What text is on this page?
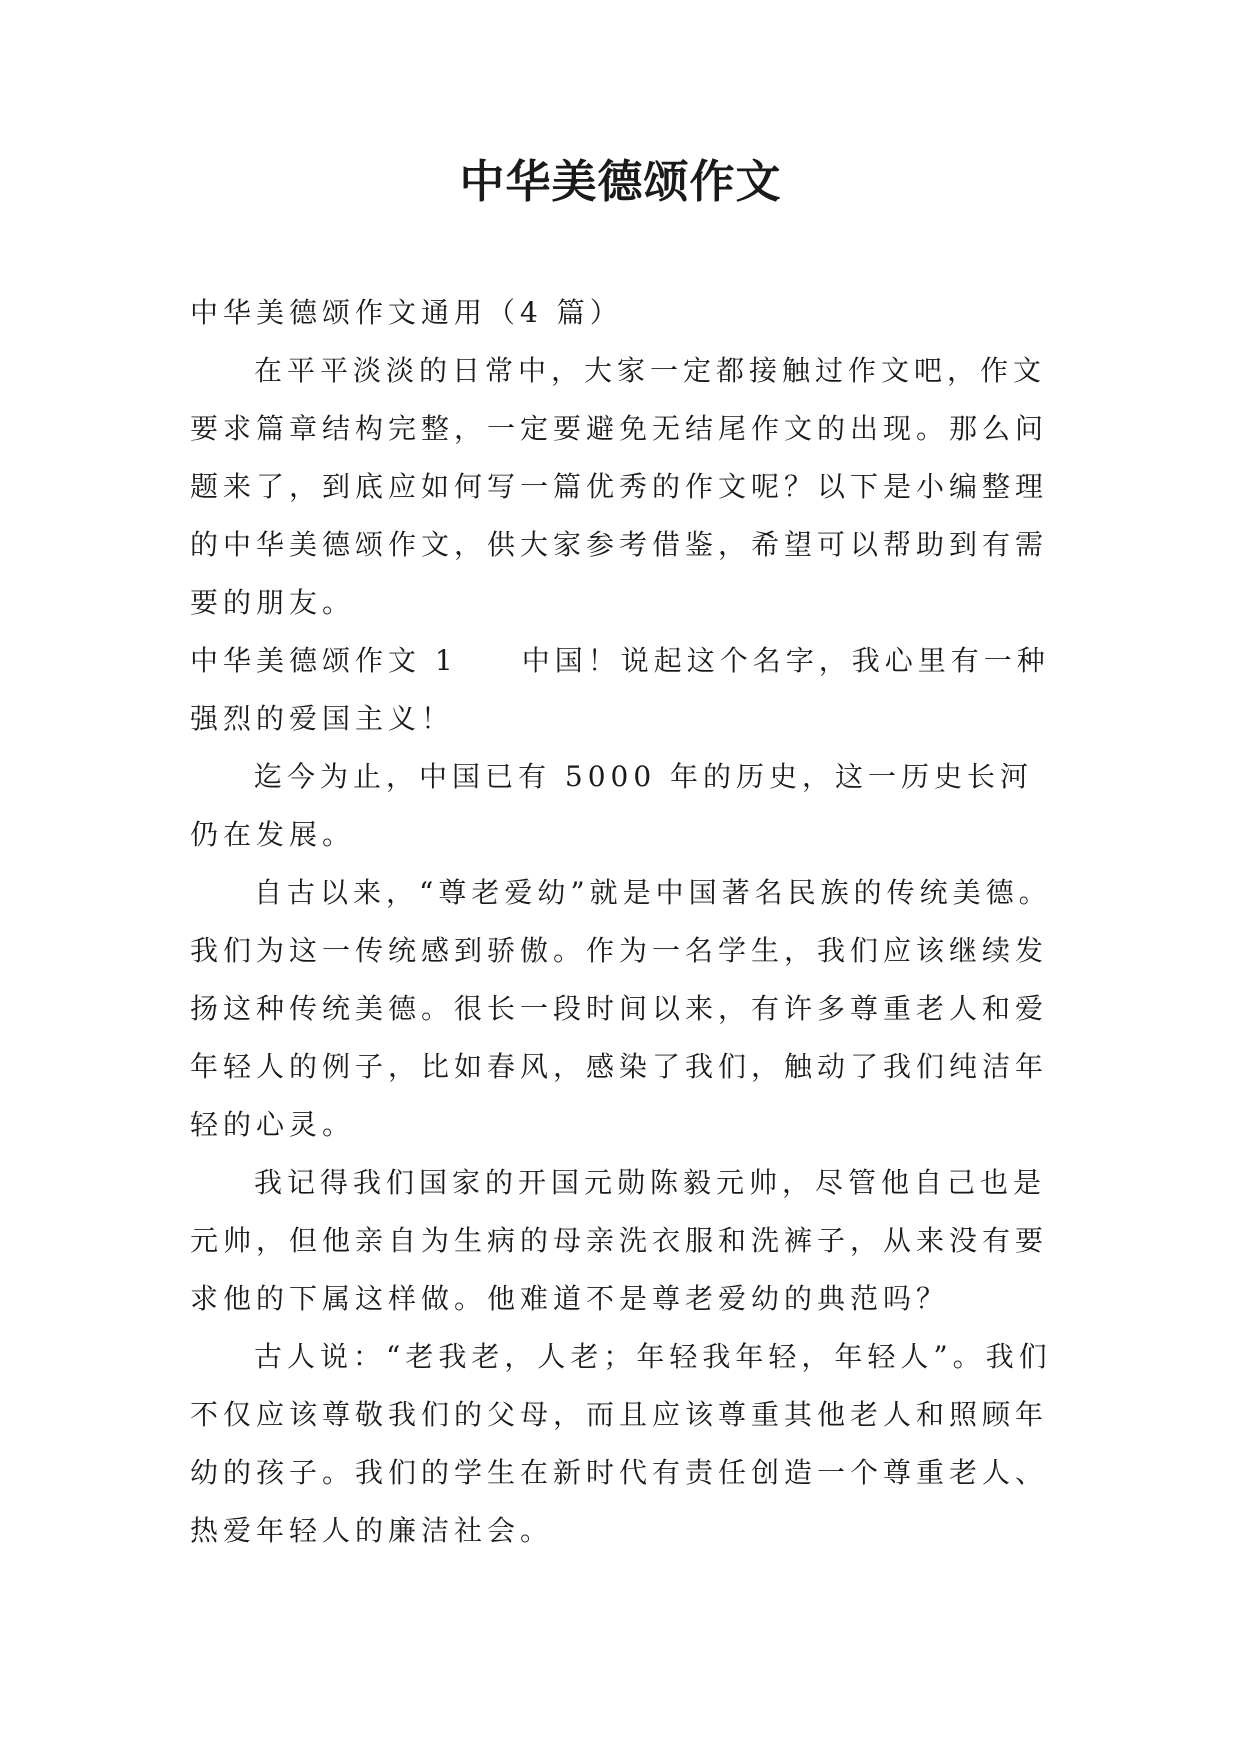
中华美德颂作文

中华美德颂作文通用（4 篇）

在平平淡淡的日常中，大家一定都接触过作文吧，作文要求篇章结构完整，一定要避免无结尾作文的出现。那么问题来了，到底应如何写一篇优秀的作文呢？以下是小编整理的中华美德颂作文，供大家参考借鉴，希望可以帮助到有需要的朋友。

中华美德颂作文 1 中国！说起这个名字，我心里有一种强烈的爱国主义！

迄今为止，中国已有 5000 年的历史，这一历史长河仍在发展。

自古以来，“尊老爱幼”就是中国著名民族的传统美德。我们为这一传统感到骄傲。作为一名学生，我们应该继续发扬这种传统美德。很长一段时间以来，有许多尊重老人和爱年轻人的例子，比如春风，感染了我们，触动了我们纯洁年轻的心灵。

我记得我们国家的开国元勋陈毅元帅，尽管他自己也是元帅，但他亲自为生病的母亲洗衣服和洗裤子，从来没有要求他的下属这样做。他难道不是尊老爱幼的典范吗？

古人说：“老我老，人老；年轻我年轻，年轻人”。我们不仅应该尊敬我们的父母，而且应该尊重其他老人和照顾年幼的孩子。我们的学生在新时代有责任创造一个尊重老人、热爱年轻人的廉洁社会。
